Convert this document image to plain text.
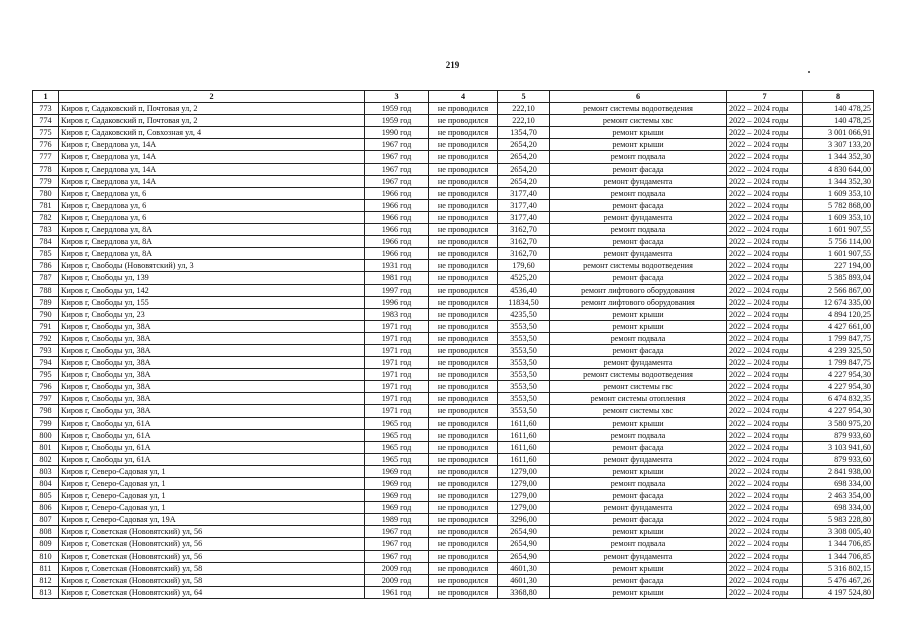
219
1	2	3	4	5	6	7	8
773	Киров г, Садаковский п, Почтовая ул, 2	1959 год	не проводился	222,10	ремонт системы водоотведения	2022 – 2024 годы	140 478,25
774	Киров г, Садаковский п, Почтовая ул, 2	1959 год	не проводился	222,10	ремонт системы хвс	2022 – 2024 годы	140 478,25
775	Киров г, Садаковский п, Совхозная ул, 4	1990 год	не проводился	1354,70	ремонт крыши	2022 – 2024 годы	3 001 066,91
776	Киров г, Свердлова ул, 14А	1967 год	не проводился	2654,20	ремонт крыши	2022 – 2024 годы	3 307 133,20
777	Киров г, Свердлова ул, 14А	1967 год	не проводился	2654,20	ремонт подвала	2022 – 2024 годы	1 344 352,30
778	Киров г, Свердлова ул, 14А	1967 год	не проводился	2654,20	ремонт фасада	2022 – 2024 годы	4 830 644,00
779	Киров г, Свердлова ул, 14А	1967 год	не проводился	2654,20	ремонт фундамента	2022 – 2024 годы	1 344 352,30
780	Киров г, Свердлова ул, 6	1966 год	не проводился	3177,40	ремонт подвала	2022 – 2024 годы	1 609 353,10
781	Киров г, Свердлова ул, 6	1966 год	не проводился	3177,40	ремонт фасада	2022 – 2024 годы	5 782 868,00
782	Киров г, Свердлова ул, 6	1966 год	не проводился	3177,40	ремонт фундамента	2022 – 2024 годы	1 609 353,10
783	Киров г, Свердлова ул, 8А	1966 год	не проводился	3162,70	ремонт подвала	2022 – 2024 годы	1 601 907,55
784	Киров г, Свердлова ул, 8А	1966 год	не проводился	3162,70	ремонт фасада	2022 – 2024 годы	5 756 114,00
785	Киров г, Свердлова ул, 8А	1966 год	не проводился	3162,70	ремонт фундамента	2022 – 2024 годы	1 601 907,55
786	Киров г, Свободы (Нововятский) ул, 3	1931 год	не проводился	179,60	ремонт системы водоотведения	2022 – 2024 годы	227 194,00
787	Киров г, Свободы ул, 139	1981 год	не проводился	4525,20	ремонт фасада	2022 – 2024 годы	5 385 893,04
788	Киров г, Свободы ул, 142	1997 год	не проводился	4536,40	ремонт лифтового оборудования	2022 – 2024 годы	2 566 867,00
789	Киров г, Свободы ул, 155	1996 год	не проводился	11834,50	ремонт лифтового оборудования	2022 – 2024 годы	12 674 335,00
790	Киров г, Свободы ул, 23	1983 год	не проводился	4235,50	ремонт крыши	2022 – 2024 годы	4 894 120,25
791	Киров г, Свободы ул, 38А	1971 год	не проводился	3553,50	ремонт крыши	2022 – 2024 годы	4 427 661,00
792	Киров г, Свободы ул, 38А	1971 год	не проводился	3553,50	ремонт подвала	2022 – 2024 годы	1 799 847,75
793	Киров г, Свободы ул, 38А	1971 год	не проводился	3553,50	ремонт фасада	2022 – 2024 годы	4 239 325,50
794	Киров г, Свободы ул, 38А	1971 год	не проводился	3553,50	ремонт фундамента	2022 – 2024 годы	1 799 847,75
795	Киров г, Свободы ул, 38А	1971 год	не проводился	3553,50	ремонт системы водоотведения	2022 – 2024 годы	4 227 954,30
796	Киров г, Свободы ул, 38А	1971 год	не проводился	3553,50	ремонт системы гвс	2022 – 2024 годы	4 227 954,30
797	Киров г, Свободы ул, 38А	1971 год	не проводился	3553,50	ремонт системы отопления	2022 – 2024 годы	6 474 832,35
798	Киров г, Свободы ул, 38А	1971 год	не проводился	3553,50	ремонт системы хвс	2022 – 2024 годы	4 227 954,30
799	Киров г, Свободы ул, 61А	1965 год	не проводился	1611,60	ремонт крыши	2022 – 2024 годы	3 580 975,20
800	Киров г, Свободы ул, 61А	1965 год	не проводился	1611,60	ремонт подвала	2022 – 2024 годы	879 933,60
801	Киров г, Свободы ул, 61А	1965 год	не проводился	1611,60	ремонт фасада	2022 – 2024 годы	3 103 941,60
802	Киров г, Свободы ул, 61А	1965 год	не проводился	1611,60	ремонт фундамента	2022 – 2024 годы	879 933,60
803	Киров г, Северо-Садовая ул, 1	1969 год	не проводился	1279,00	ремонт крыши	2022 – 2024 годы	2 841 938,00
804	Киров г, Северо-Садовая ул, 1	1969 год	не проводился	1279,00	ремонт подвала	2022 – 2024 годы	698 334,00
805	Киров г, Северо-Садовая ул, 1	1969 год	не проводился	1279,00	ремонт фасада	2022 – 2024 годы	2 463 354,00
806	Киров г, Северо-Садовая ул, 1	1969 год	не проводился	1279,00	ремонт фундамента	2022 – 2024 годы	698 334,00
807	Киров г, Северо-Садовая ул, 19А	1989 год	не проводился	3296,00	ремонт фасада	2022 – 2024 годы	5 983 228,80
808	Киров г, Советская (Нововятский) ул, 56	1967 год	не проводился	2654,90	ремонт крыши	2022 – 2024 годы	3 308 005,40
809	Киров г, Советская (Нововятский) ул, 56	1967 год	не проводился	2654,90	ремонт подвала	2022 – 2024 годы	1 344 706,85
810	Киров г, Советская (Нововятский) ул, 56	1967 год	не проводился	2654,90	ремонт фундамента	2022 – 2024 годы	1 344 706,85
811	Киров г, Советская (Нововятский) ул, 58	2009 год	не проводился	4601,30	ремонт крыши	2022 – 2024 годы	5 316 802,15
812	Киров г, Советская (Нововятский) ул, 58	2009 год	не проводился	4601,30	ремонт фасада	2022 – 2024 годы	5 476 467,26
813	Киров г, Советская (Нововятский) ул, 64	1961 год	не проводился	3368,80	ремонт крыши	2022 – 2024 годы	4 197 524,80
